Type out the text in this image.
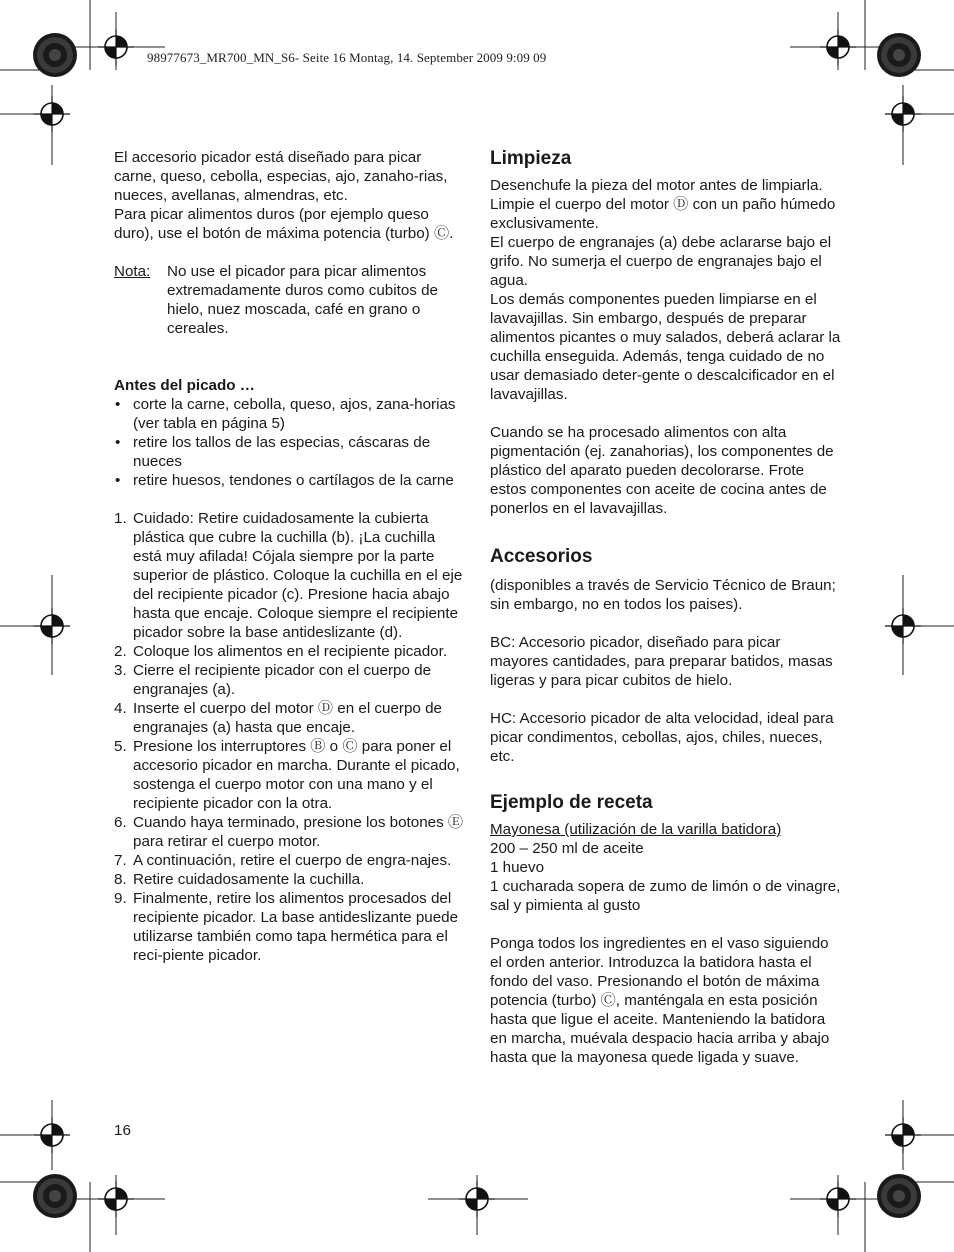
98977673_MR700_MN_S6- Seite 16 Montag, 14. September 2009 9:09 09

El accesorio picador está diseñado para picar carne, queso, cebolla, especias, ajo, zanaho-rias, nueces, avellanas, almendras, etc.

Para picar alimentos duros (por ejemplo queso duro), use el botón de máxima potencia (turbo) Ⓒ.

Nota:	No use el picador para picar alimentos extremadamente duros como cubitos de hielo, nuez moscada, café en grano o cereales.

Antes del picado …

• corte la carne, cebolla, queso, ajos, zana-horias (ver tabla en página 5)
• retire los tallos de las especias, cáscaras de nueces
• retire huesos, tendones o cartílagos de la carne
1. Cuidado: Retire cuidadosamente la cubierta plástica que cubre la cuchilla (b). ¡La cuchilla está muy afilada! Cójala siempre por la parte superior de plástico. Coloque la cuchilla en el eje del recipiente picador (c). Presione hacia abajo hasta que encaje. Coloque siempre el recipiente picador sobre la base antideslizante (d).
2. Coloque los alimentos en el recipiente picador.
3. Cierre el recipiente picador con el cuerpo de engranajes (a).
4. Inserte el cuerpo del motor Ⓓ en el cuerpo de engranajes (a) hasta que encaje.
5. Presione los interruptores Ⓑ o Ⓒ para poner el accesorio picador en marcha. Durante el picado, sostenga el cuerpo motor con una mano y el recipiente picador con la otra.
6. Cuando haya terminado, presione los botones Ⓔ para retirar el cuerpo motor.
7. A continuación, retire el cuerpo de engra-najes.
8. Retire cuidadosamente la cuchilla.
9. Finalmente, retire los alimentos procesados del recipiente picador. La base antideslizante puede utilizarse también como tapa hermética para el reci-piente picador.
Limpieza

Desenchufe la pieza del motor antes de limpiarla.

Limpie el cuerpo del motor Ⓓ con un paño húmedo exclusivamente.

El cuerpo de engranajes (a) debe aclararse bajo el grifo. No sumerja el cuerpo de engranajes bajo el agua.

Los demás componentes pueden limpiarse en el lavavajillas. Sin embargo, después de preparar alimentos picantes o muy salados, deberá aclarar la cuchilla enseguida. Además, tenga cuidado de no usar demasiado deter-gente o descalcificador en el lavavajillas.

Cuando se ha procesado alimentos con alta pigmentación (ej. zanahorias), los componentes de plástico del aparato pueden decolorarse. Frote estos componentes con aceite de cocina antes de ponerlos en el lavavajillas.

Accesorios

(disponibles a través de Servicio Técnico de Braun; sin embargo, no en todos los paises).

BC: Accesorio picador, diseñado para picar mayores cantidades, para preparar batidos, masas ligeras y para picar cubitos de hielo.

HC: Accesorio picador de alta velocidad, ideal para picar condimentos, cebollas, ajos, chiles, nueces, etc.

Ejemplo de receta

Mayonesa (utilización de la varilla batidora)

200 – 250 ml de aceite

1 huevo

1 cucharada sopera de zumo de limón o de vinagre, sal y pimienta al gusto

Ponga todos los ingredientes en el vaso siguiendo el orden anterior. Introduzca la batidora hasta el fondo del vaso. Presionando el botón de máxima potencia (turbo) Ⓒ, manténgala en esta posición hasta que ligue el aceite. Manteniendo la batidora en marcha, muévala despacio hacia arriba y abajo hasta que la mayonesa quede ligada y suave.

16
